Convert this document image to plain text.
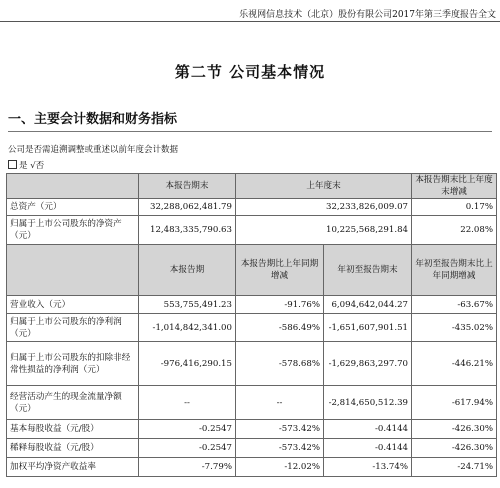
乐视网信息技术（北京）股份有限公司2017年第三季度报告全文
第二节 公司基本情况
一、主要会计数据和财务指标
公司是否需追溯调整或重述以前年度会计数据
是 √否
	本报告期末	上年度末		本报告期末比上年度末增减
总资产（元）	32,288,062,481.79	32,233,826,009.07		0.17%
归属于上市公司股东的净资产（元）	12,483,335,790.63	10,225,568,291.84		22.08%
	本报告期	本报告期比上年同期增减	年初至报告期末	年初至报告期末比上年同期增减
营业收入（元）	553,755,491.23	-91.76%	6,094,642,044.27	-63.67%
归属于上市公司股东的净利润（元）	-1,014,842,341.00	-586.49%	-1,651,607,901.51	-435.02%
归属于上市公司股东的扣除非经常性损益的净利润（元）	-976,416,290.15	-578.68%	-1,629,863,297.70	-446.21%
经营活动产生的现金流量净额（元）	--	--	-2,814,650,512.39	-617.94%
基本每股收益（元/股）	-0.2547	-573.42%	-0.4144	-426.30%
稀释每股收益（元/股）	-0.2547	-573.42%	-0.4144	-426.30%
加权平均净资产收益率	-7.79%	-12.02%	-13.74%	-24.71%
